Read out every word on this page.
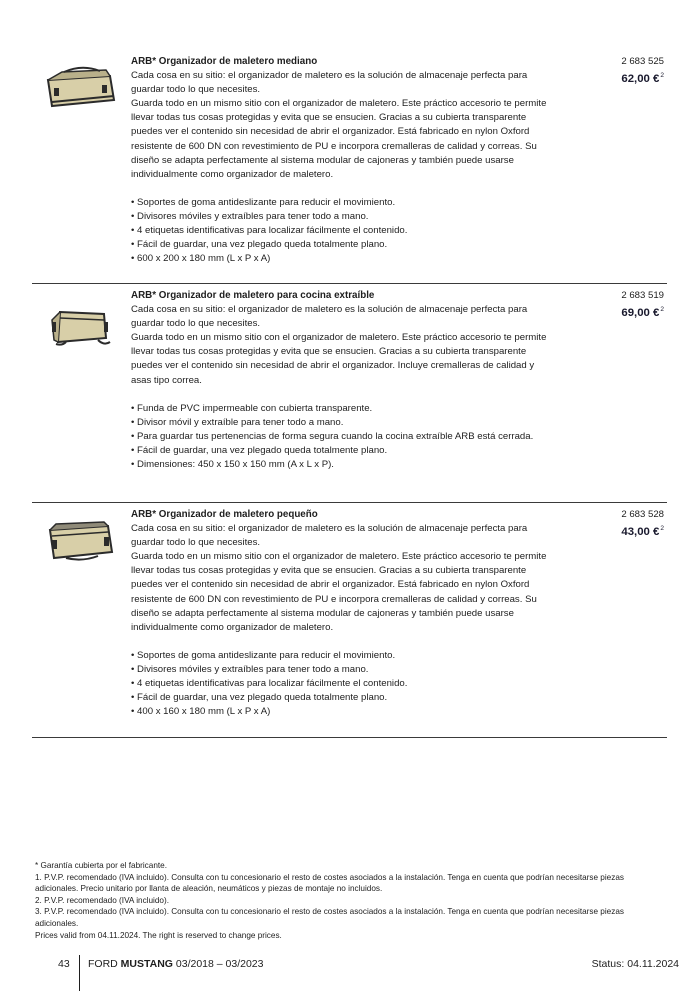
ARB* Organizador de maletero mediano
Cada cosa en su sitio: el organizador de maletero es la solución de almacenaje perfecta para guardar todo lo que necesites.
Guarda todo en un mismo sitio con el organizador de maletero. Este práctico accesorio te permite llevar todas tus cosas protegidas y evita que se ensucien. Gracias a su cubierta transparente puedes ver el contenido sin necesidad de abrir el organizador. Está fabricado en nylon Oxford resistente de 600 DN con revestimiento de PU e incorpora cremalleras de calidad y correas. Su diseño se adapta perfectamente al sistema modular de cajoneras y también puede usarse individualmente como organizador de maletero.
• Soportes de goma antideslizante para reducir el movimiento.
• Divisores móviles y extraíbles para tener todo a mano.
• 4 etiquetas identificativas para localizar fácilmente el contenido.
• Fácil de guardar, una vez plegado queda totalmente plano.
• 600 x 200 x 180 mm (L x P x A)
2 683 525
62,00 €$^2$
ARB* Organizador de maletero para cocina extraíble
Cada cosa en su sitio: el organizador de maletero es la solución de almacenaje perfecta para guardar todo lo que necesites.
Guarda todo en un mismo sitio con el organizador de maletero. Este práctico accesorio te permite llevar todas tus cosas protegidas y evita que se ensucien. Gracias a su cubierta transparente puedes ver el contenido sin necesidad de abrir el organizador. Incluye cremalleras de calidad y asas tipo correa.
• Funda de PVC impermeable con cubierta transparente.
• Divisor móvil y extraíble para tener todo a mano.
• Para guardar tus pertenencias de forma segura cuando la cocina extraíble ARB está cerrada.
• Fácil de guardar, una vez plegado queda totalmente plano.
• Dimensiones: 450 x 150 x 150 mm (A x L x P).
2 683 519
69,00 €$^2$
ARB* Organizador de maletero pequeño
Cada cosa en su sitio: el organizador de maletero es la solución de almacenaje perfecta para guardar todo lo que necesites.
Guarda todo en un mismo sitio con el organizador de maletero. Este práctico accesorio te permite llevar todas tus cosas protegidas y evita que se ensucien. Gracias a su cubierta transparente puedes ver el contenido sin necesidad de abrir el organizador. Está fabricado en nylon Oxford resistente de 600 DN con revestimiento de PU e incorpora cremalleras de calidad y correas. Su diseño se adapta perfectamente al sistema modular de cajoneras y también puede usarse individualmente como organizador de maletero.
• Soportes de goma antideslizante para reducir el movimiento.
• Divisores móviles y extraíbles para tener todo a mano.
• 4 etiquetas identificativas para localizar fácilmente el contenido.
• Fácil de guardar, una vez plegado queda totalmente plano.
• 400 x 160 x 180 mm (L x P x A)
2 683 528
43,00 €$^2$
* Garantía cubierta por el fabricante.
1. P.V.P. recomendado (IVA incluido). Consulta con tu concesionario el resto de costes asociados a la instalación. Tenga en cuenta que podrían necesitarse piezas adicionales. Precio unitario por llanta de aleación, neumáticos y piezas de montaje no incluidos.
2. P.V.P. recomendado (IVA incluido).
3. P.V.P. recomendado (IVA incluido). Consulta con tu concesionario el resto de costes asociados a la instalación. Tenga en cuenta que podrían necesitarse piezas adicionales.
Prices valid from 04.11.2024. The right is reserved to change prices.
43 FORD MUSTANG 03/2018 – 03/2023	Status: 04.11.2024
